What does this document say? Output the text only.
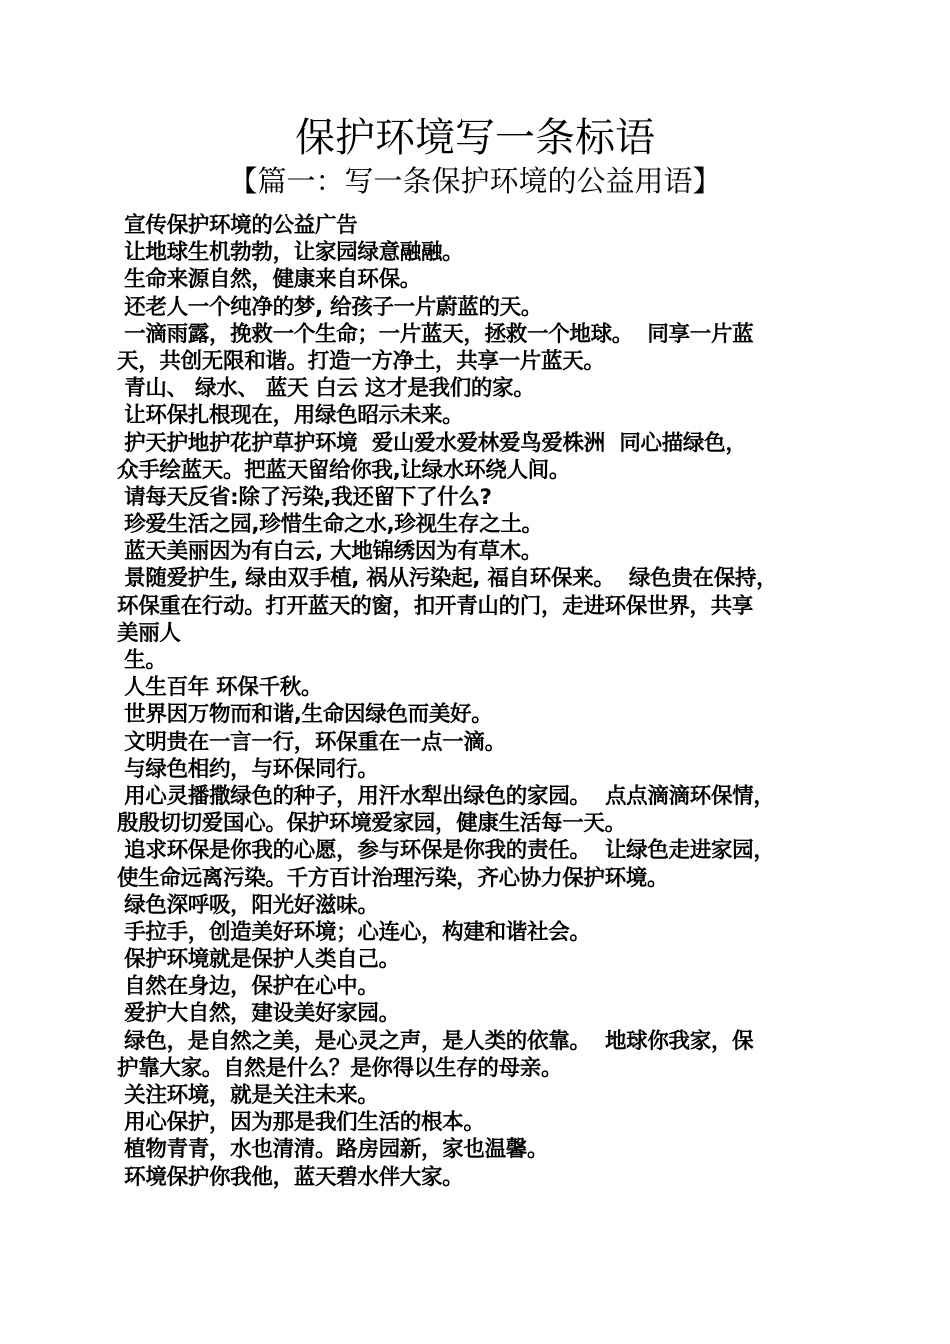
保护环境写一条标语
【篇一：写一条保护环境的公益用语】
宣传保护环境的公益广告
让地球生机勃勃，让家园绿意融融。
生命来源自然，健康来自环保。
还老人一个纯净的梦, 给孩子一片蔚蓝的天。
一滴雨露，挽救一个生命；一片蓝天，拯救一个地球。  同享一片蓝
天，共创无限和谐。打造一方净土，共享一片蓝天。
青山、 绿水、 蓝天 白云 这才是我们的家。
让环保扎根现在，用绿色昭示未来。
护天护地护花护草护环境  爱山爱水爱林爱鸟爱株洲  同心描绿色，
众手绘蓝天。把蓝天留给你我,让绿水环绕人间。
请每天反省:除了污染,我还留下了什么?
珍爱生活之园,珍惜生命之水,珍视生存之土。
蓝天美丽因为有白云, 大地锦绣因为有草木。
景随爱护生, 绿由双手植, 祸从污染起, 福自环保来。  绿色贵在保持，
环保重在行动。打开蓝天的窗，扣开青山的门，走进环保世界，共享
美丽人
生。
人生百年 环保千秋。
世界因万物而和谐,生命因绿色而美好。
文明贵在一言一行，环保重在一点一滴。
与绿色相约，与环保同行。
用心灵播撒绿色的种子，用汗水犁出绿色的家园。  点点滴滴环保情，
殷殷切切爱国心。保护环境爱家园，健康生活每一天。
追求环保是你我的心愿，参与环保是你我的责任。  让绿色走进家园，
使生命远离污染。千方百计治理污染，齐心协力保护环境。
绿色深呼吸，阳光好滋味。
手拉手，创造美好环境；心连心，构建和谐社会。
保护环境就是保护人类自己。
自然在身边，保护在心中。
爱护大自然，建设美好家园。
绿色，是自然之美，是心灵之声，是人类的依靠。  地球你我家，保
护靠大家。自然是什么？是你得以生存的母亲。
关注环境，就是关注未来。
用心保护，因为那是我们生活的根本。
植物青青，水也清清。路房园新，家也温馨。
环境保护你我他，蓝天碧水伴大家。
